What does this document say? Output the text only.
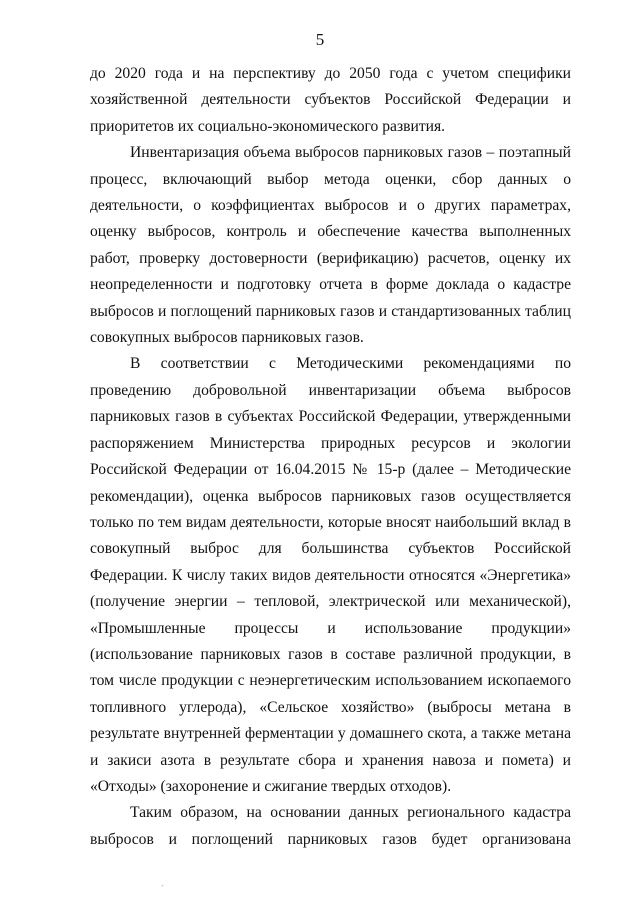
5

до 2020 года и на перспективу до 2050 года с учетом специфики хозяйственной деятельности субъектов Российской Федерации и приоритетов их социально-экономического развития.

Инвентаризация объема выбросов парниковых газов – поэтапный процесс, включающий выбор метода оценки, сбор данных о деятельности, о коэффициентах выбросов и о других параметрах, оценку выбросов, контроль и обеспечение качества выполненных работ, проверку достоверности (верификацию) расчетов, оценку их неопределенности и подготовку отчета в форме доклада о кадастре выбросов и поглощений парниковых газов и стандартизованных таблиц совокупных выбросов парниковых газов.

В соответствии с Методическими рекомендациями по проведению добровольной инвентаризации объема выбросов парниковых газов в субъектах Российской Федерации, утвержденными распоряжением Министерства природных ресурсов и экологии Российской Федерации от 16.04.2015 № 15-р (далее – Методические рекомендации), оценка выбросов парниковых газов осуществляется только по тем видам деятельности, которые вносят наибольший вклад в совокупный выброс для большинства субъектов Российской Федерации. К числу таких видов деятельности относятся «Энергетика» (получение энергии – тепловой, электрической или механической), «Промышленные процессы и использование продукции» (использование парниковых газов в составе различной продукции, в том числе продукции с неэнергетическим использованием ископаемого топливного углерода), «Сельское хозяйство» (выбросы метана в результате внутренней ферментации у домашнего скота, а также метана и закиси азота в результате сбора и хранения навоза и помета) и «Отходы» (захоронение и сжигание твердых отходов).

Таким образом, на основании данных регионального кадастра выбросов и поглощений парниковых газов будет организована

ˊ
